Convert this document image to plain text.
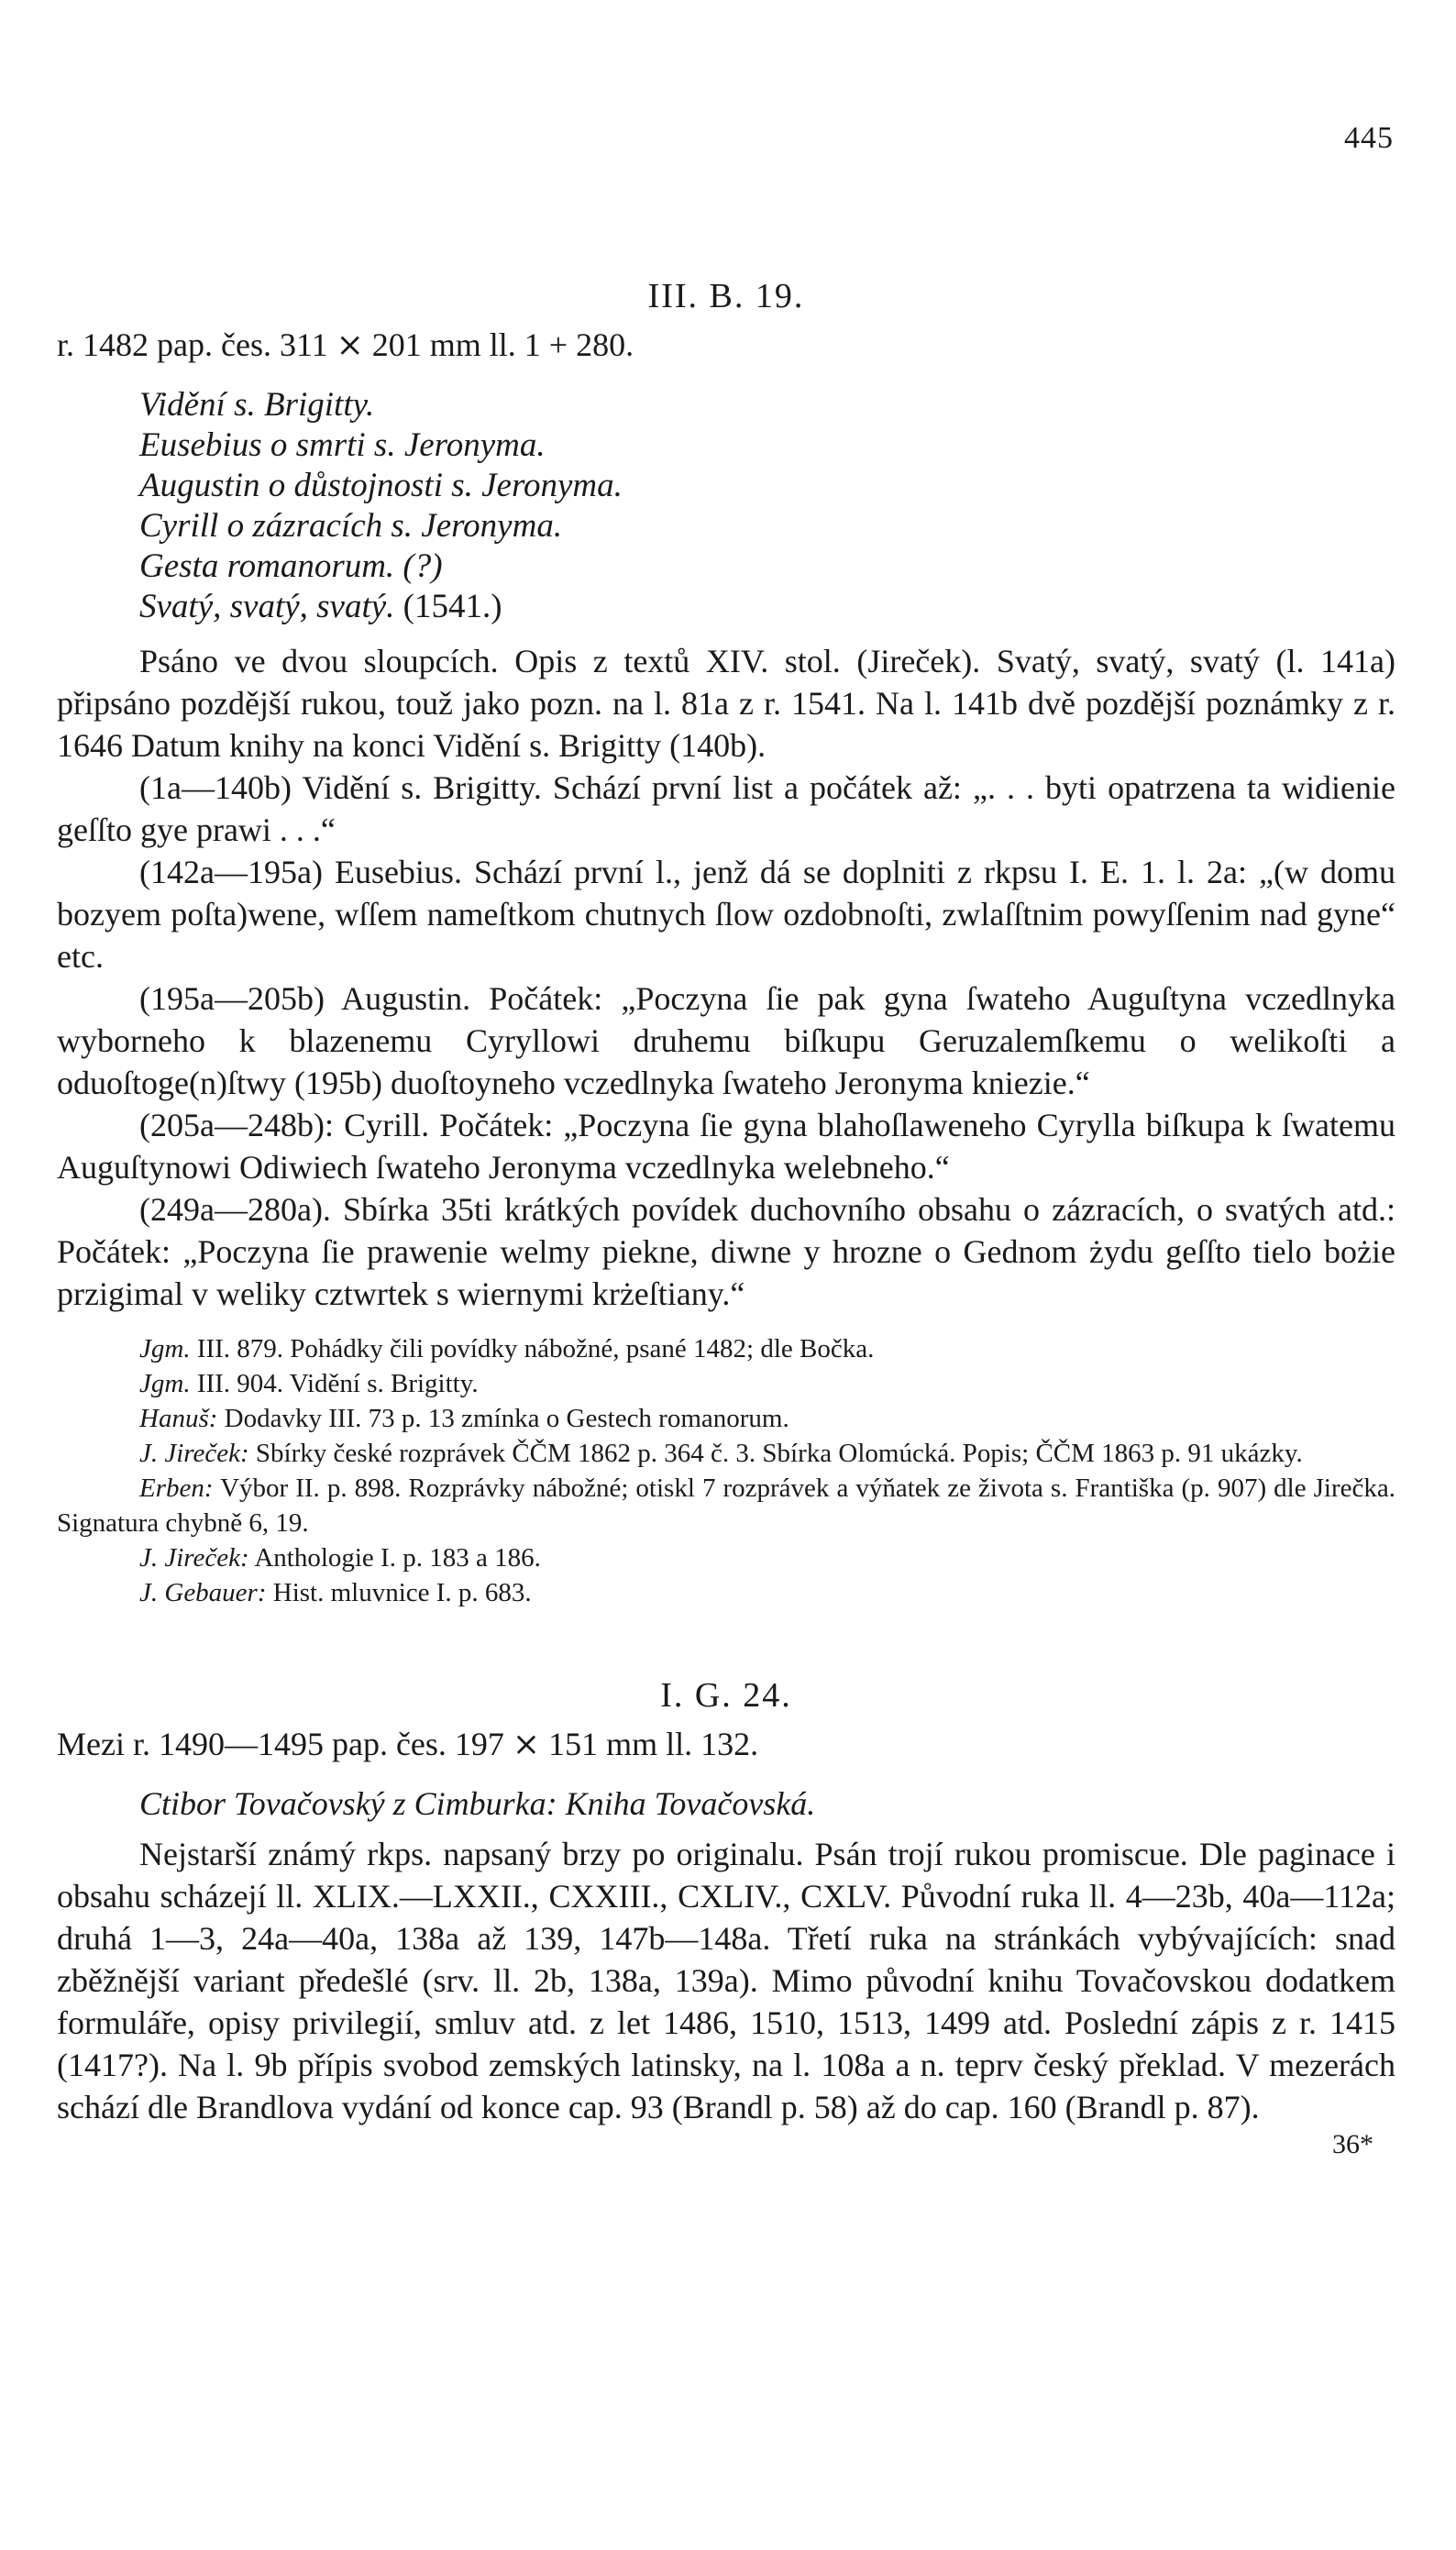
445
III. B. 19.
r. 1482 pap. čes. 311 ⨯ 201 mm ll. 1 + 280.
Vidění s. Brigitty.
Eusebius o smrti s. Jeronyma.
Augustin o důstojnosti s. Jeronyma.
Cyrill o zázracích s. Jeronyma.
Gesta romanorum. (?)
Svatý, svatý, svatý. (1541.)

Psáno ve dvou sloupcích. Opis z textů XIV. stol. (Jireček). Svatý, svatý, svatý (l. 141a) připsáno pozdější rukou, touž jako pozn. na l. 81a z r. 1541. Na l. 141b dvě pozdější poznámky z r. 1646 Datum knihy na konci Vidění s. Brigitty (140b).

(1a—140b) Vidění s. Brigitty. Schází první list a počátek až: „. . . byti opatrzena ta widienie geſſto gye prawi . . .“

(142a—195a) Eusebius. Schází první l., jenž dá se doplniti z rkpsu I. E. 1. l. 2a: „(w domu bozyem poſta)wene, wſſem nameſtkom chutnych ſlow ozdobnoſti, zwlaſſtnim powyſſenim nad gyne“ etc.

(195a—205b) Augustin. Počátek: „Poczyna ſie pak gyna ſwateho Auguſtyna vczedlnyka wyborneho k blazenemu Cyryllowi druhemu biſkupu Geruzalemſkemu o welikoſti a oduoſtoge(n)ſtwy (195b) duoſtoyneho vczedlnyka ſwateho Jeronyma kniezie.“

(205a—248b): Cyrill. Počátek: „Poczyna ſie gyna blahoſlaweneho Cyrylla biſkupa k ſwatemu Auguſtynowi Odiwiech ſwateho Jeronyma vczedlnyka welebneho.“

(249a—280a). Sbírka 35ti krátkých povídek duchovního obsahu o zázracích, o svatých atd.: Počátek: „Poczyna ſie prawenie welmy piekne, diwne y hrozne o Gednom żydu geſſto tielo bożie przigimal v weliky cztwrtek s wiernymi krżeſtiany.“

Jgm. III. 879. Pohádky čili povídky nábožné, psané 1482; dle Bočka.
Jgm. III. 904. Vidění s. Brigitty.
Hanuš: Dodavky III. 73 p. 13 zmínka o Gestech romanorum.
J. Jireček: Sbírky české rozprávek ČČM 1862 p. 364 č. 3. Sbírka Olomúcká. Popis; ČČM 1863 p. 91 ukázky.
Erben: Výbor II. p. 898. Rozprávky nábožné; otiskl 7 rozprávek a výňatek ze života s. Františka (p. 907) dle Jirečka. Signatura chybně 6, 19.
J. Jireček: Anthologie I. p. 183 a 186.
J. Gebauer: Hist. mluvnice I. p. 683.
I. G. 24.
Mezi r. 1490—1495 pap. čes. 197 ⨯ 151 mm ll. 132.
Ctibor Tovačovský z Cimburka: Kniha Tovačovská.

Nejstarší známý rkps. napsaný brzy po originalu. Psán trojí rukou promiscue. Dle paginace i obsahu scházejí ll. XLIX.—LXXII., CXXIII., CXLIV., CXLV. Původní ruka ll. 4—23b, 40a—112a; druhá 1—3, 24a—40a, 138a až 139, 147b—148a. Třetí ruka na stránkách vybývajících: snad zběžnější variant předešlé (srv. ll. 2b, 138a, 139a). Mimo původní knihu Tovačovskou dodatkem formuláře, opisy privilegií, smluv atd. z let 1486, 1510, 1513, 1499 atd. Poslední zápis z r. 1415 (1417?). Na l. 9b přípis svobod zemských latinsky, na l. 108a a n. teprv český překlad. V mezerách schází dle Brandlova vydání od konce cap. 93 (Brandl p. 58) až do cap. 160 (Brandl p. 87).

36*
